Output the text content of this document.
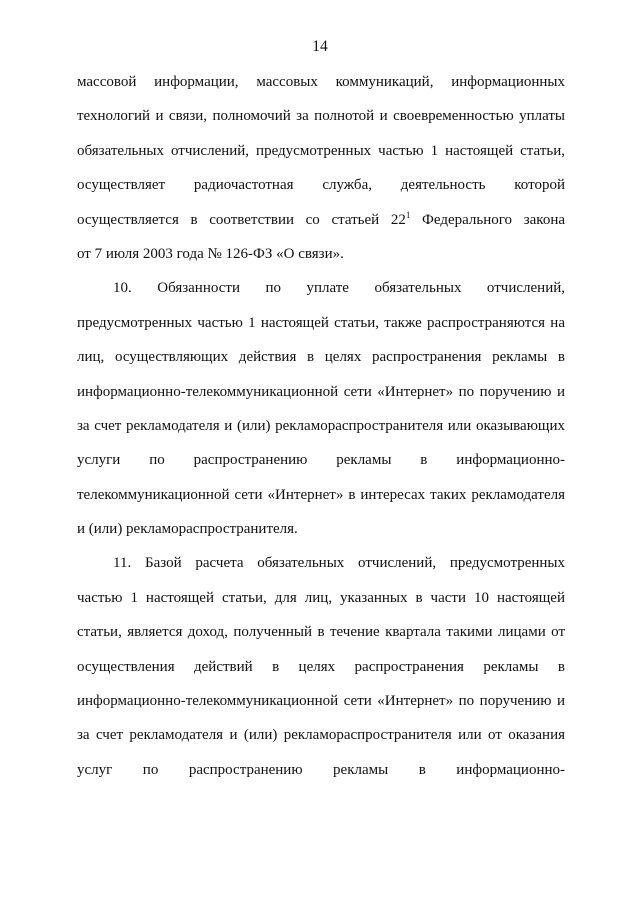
14
массовой информации, массовых коммуникаций, информационных
технологий и связи, полномочий за полнотой и своевременностью уплаты
обязательных отчислений, предусмотренных частью 1 настоящей статьи,
осуществляет радиочастотная служба, деятельность которой
осуществляется в соответствии со статьей $22^1$ Федерального закона
от 7 июля 2003 года № 126-ФЗ «О связи».
10. Обязанности по уплате обязательных отчислений,
предусмотренных частью 1 настоящей статьи, также распространяются на
лиц, осуществляющих действия в целях распространения рекламы в
информационно-телекоммуникационной сети «Интернет» по поручению и
за счет рекламодателя и (или) рекламораспространителя или оказывающих
услуги по распространению рекламы в информационно-
телекоммуникационной сети «Интернет» в интересах таких рекламодателя
и (или) рекламораспространителя.
11. Базой расчета обязательных отчислений, предусмотренных
частью 1 настоящей статьи, для лиц, указанных в части 10 настоящей
статьи, является доход, полученный в течение квартала такими лицами от
осуществления действий в целях распространения рекламы в
информационно-телекоммуникационной сети «Интернет» по поручению и
за счет рекламодателя и (или) рекламораспространителя или от оказания
услуг по распространению рекламы в информационно-
